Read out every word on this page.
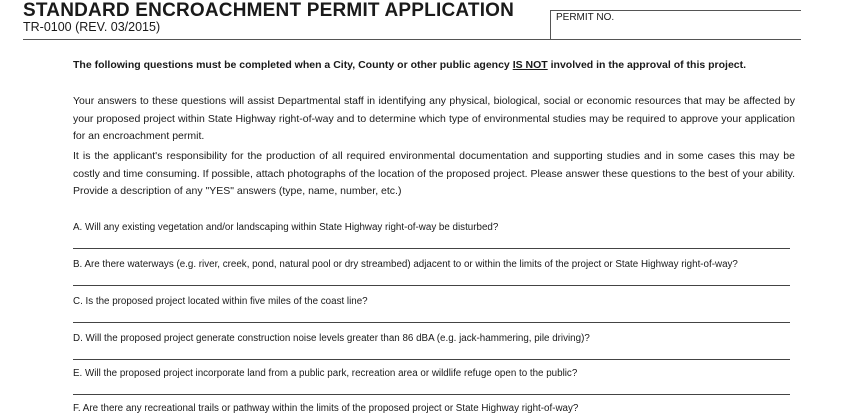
STANDARD ENCROACHMENT PERMIT APPLICATION
TR-0100 (REV. 03/2015)
PERMIT NO.
The following questions must be completed when a City, County or other public agency IS NOT involved in the approval of this project.
Your answers to these questions will assist Departmental staff in identifying any physical, biological, social or economic resources that may be affected by your proposed project within State Highway right-of-way and to determine which type of environmental studies may be required to approve your application for an encroachment permit.
It is the applicant's responsibility for the production of all required environmental documentation and supporting studies and in some cases this may be costly and time consuming. If possible, attach photographs of the location of the proposed project. Please answer these questions to the best of your ability. Provide a description of any "YES" answers (type, name, number, etc.)
A. Will any existing vegetation and/or landscaping within State Highway right-of-way be disturbed?
B. Are there waterways (e.g. river, creek, pond, natural pool or dry streambed) adjacent to or within the limits of the project or State Highway right-of-way?
C. Is the proposed project located within five miles of the coast line?
D. Will the proposed project generate construction noise levels greater than 86 dBA (e.g. jack-hammering, pile driving)?
E. Will the proposed project incorporate land from a public park, recreation area or wildlife refuge open to the public?
F. Are there any recreational trails or pathway within the limits of the proposed project or State Highway right-of-way?
